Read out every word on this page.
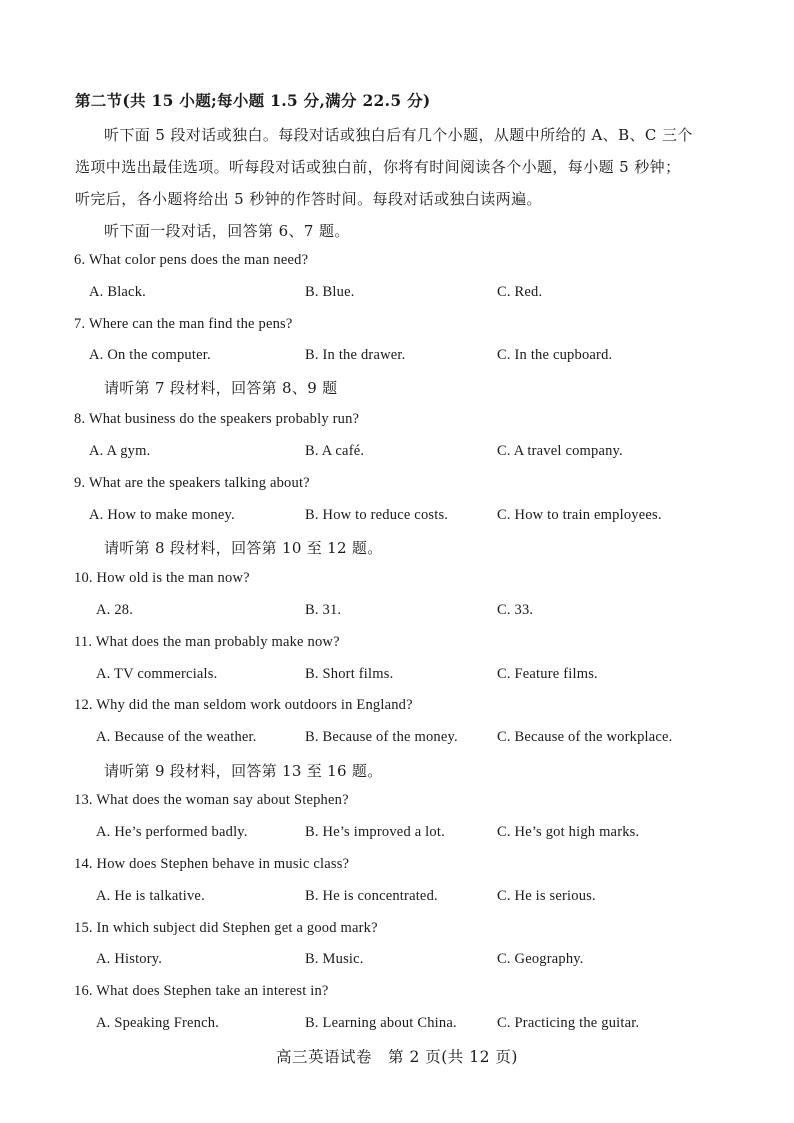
第二节(共 15 小题;每小题 1.5 分,满分 22.5 分)
听下面 5 段对话或独白。每段对话或独白后有几个小题，从题中所给的 A、B、C 三个
选项中选出最佳选项。听每段对话或独白前，你将有时间阅读各个小题，每小题 5 秒钟；
听完后，各小题将给出 5 秒钟的作答时间。每段对话或独白读两遍。
听下面一段对话，回答第 6、7 题。
6. What color pens does the man need?
A. Black.	B. Blue.	C. Red.
7. Where can the man find the pens?
A. On the computer.	B. In the drawer.	C. In the cupboard.
请听第 7 段材料，回答第 8、9 题
8. What business do the speakers probably run?
A. A gym.	B. A café.	C. A travel company.
9. What are the speakers talking about?
A. How to make money.	B. How to reduce costs.	C. How to train employees.
请听第 8 段材料，回答第 10 至 12 题。
10. How old is the man now?
A. 28.	B. 31.	C. 33.
11. What does the man probably make now?
A. TV commercials.	B. Short films.	C. Feature films.
12. Why did the man seldom work outdoors in England?
A. Because of the weather.	B. Because of the money.	C. Because of the workplace.
请听第 9 段材料，回答第 13 至 16 题。
13. What does the woman say about Stephen?
A. He’s performed badly.	B. He’s improved a lot.	C. He’s got high marks.
14. How does Stephen behave in music class?
A. He is talkative.	B. He is concentrated.	C. He is serious.
15. In which subject did Stephen get a good mark?
A. History.	B. Music.	C. Geography.
16. What does Stephen take an interest in?
A. Speaking French.	B. Learning about China.	C. Practicing the guitar.
高三英语试卷　第 2 页(共 12 页)
